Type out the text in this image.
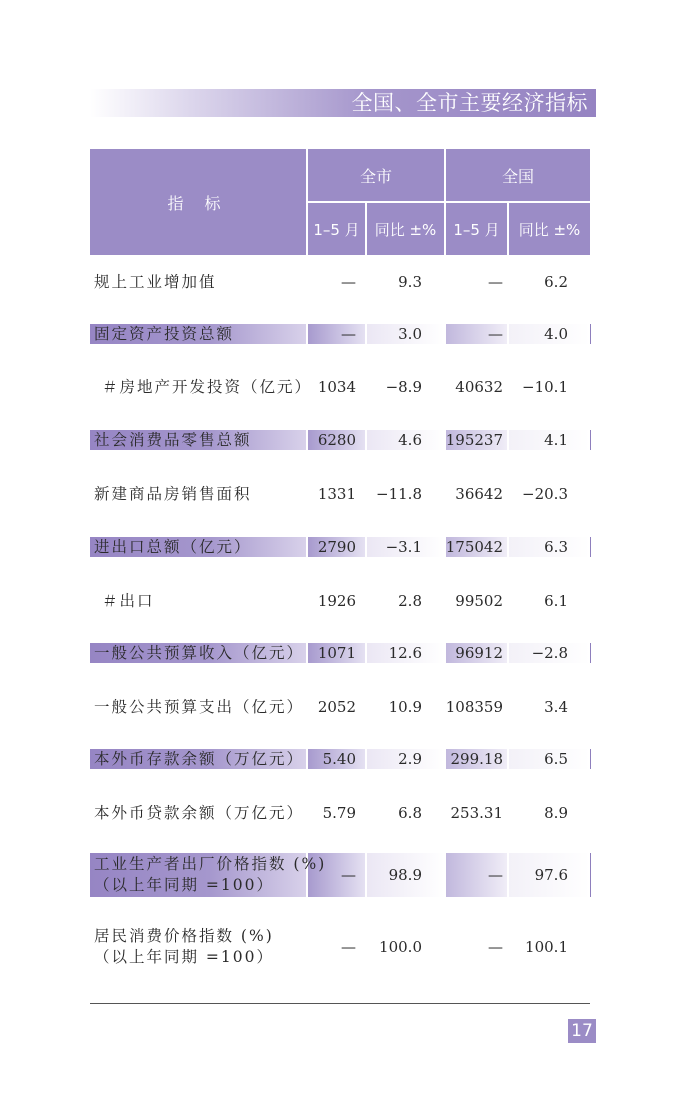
全国、全市主要经济指标
指 标
全市	全国
1–5 月	同比 ±%	1–5 月	同比 ±%
规上工业增加值	—	9.3	—	6.2
固定资产投资总额	—	3.0	—	4.0
＃房地产开发投资（亿元） 1034	−8.9	40632	−10.1
社会消费品零售总额	6280	4.6 195237	4.1
新建商品房销售面积	1331	−11.8	36642	−20.3
进出口总额（亿元）	2790	−3.1 175042	6.3
＃出口	1926	2.8	99502	6.1
一般公共预算收入（亿元） 1071	12.6	96912	−2.8
一般公共预算支出（亿元） 2052	10.9 108359	3.4
本外币存款余额（万亿元）	5.40	2.9	299.18	6.5
本外币贷款余额（万亿元）	5.79	6.8	253.31	8.9
工业生产者出厂价格指数 (%)
（以上年同期 =100）
—	98.9	—	97.6
居民消费价格指数 (%)
（以上年同期 =100）
—	100.0	—	100.1
17
